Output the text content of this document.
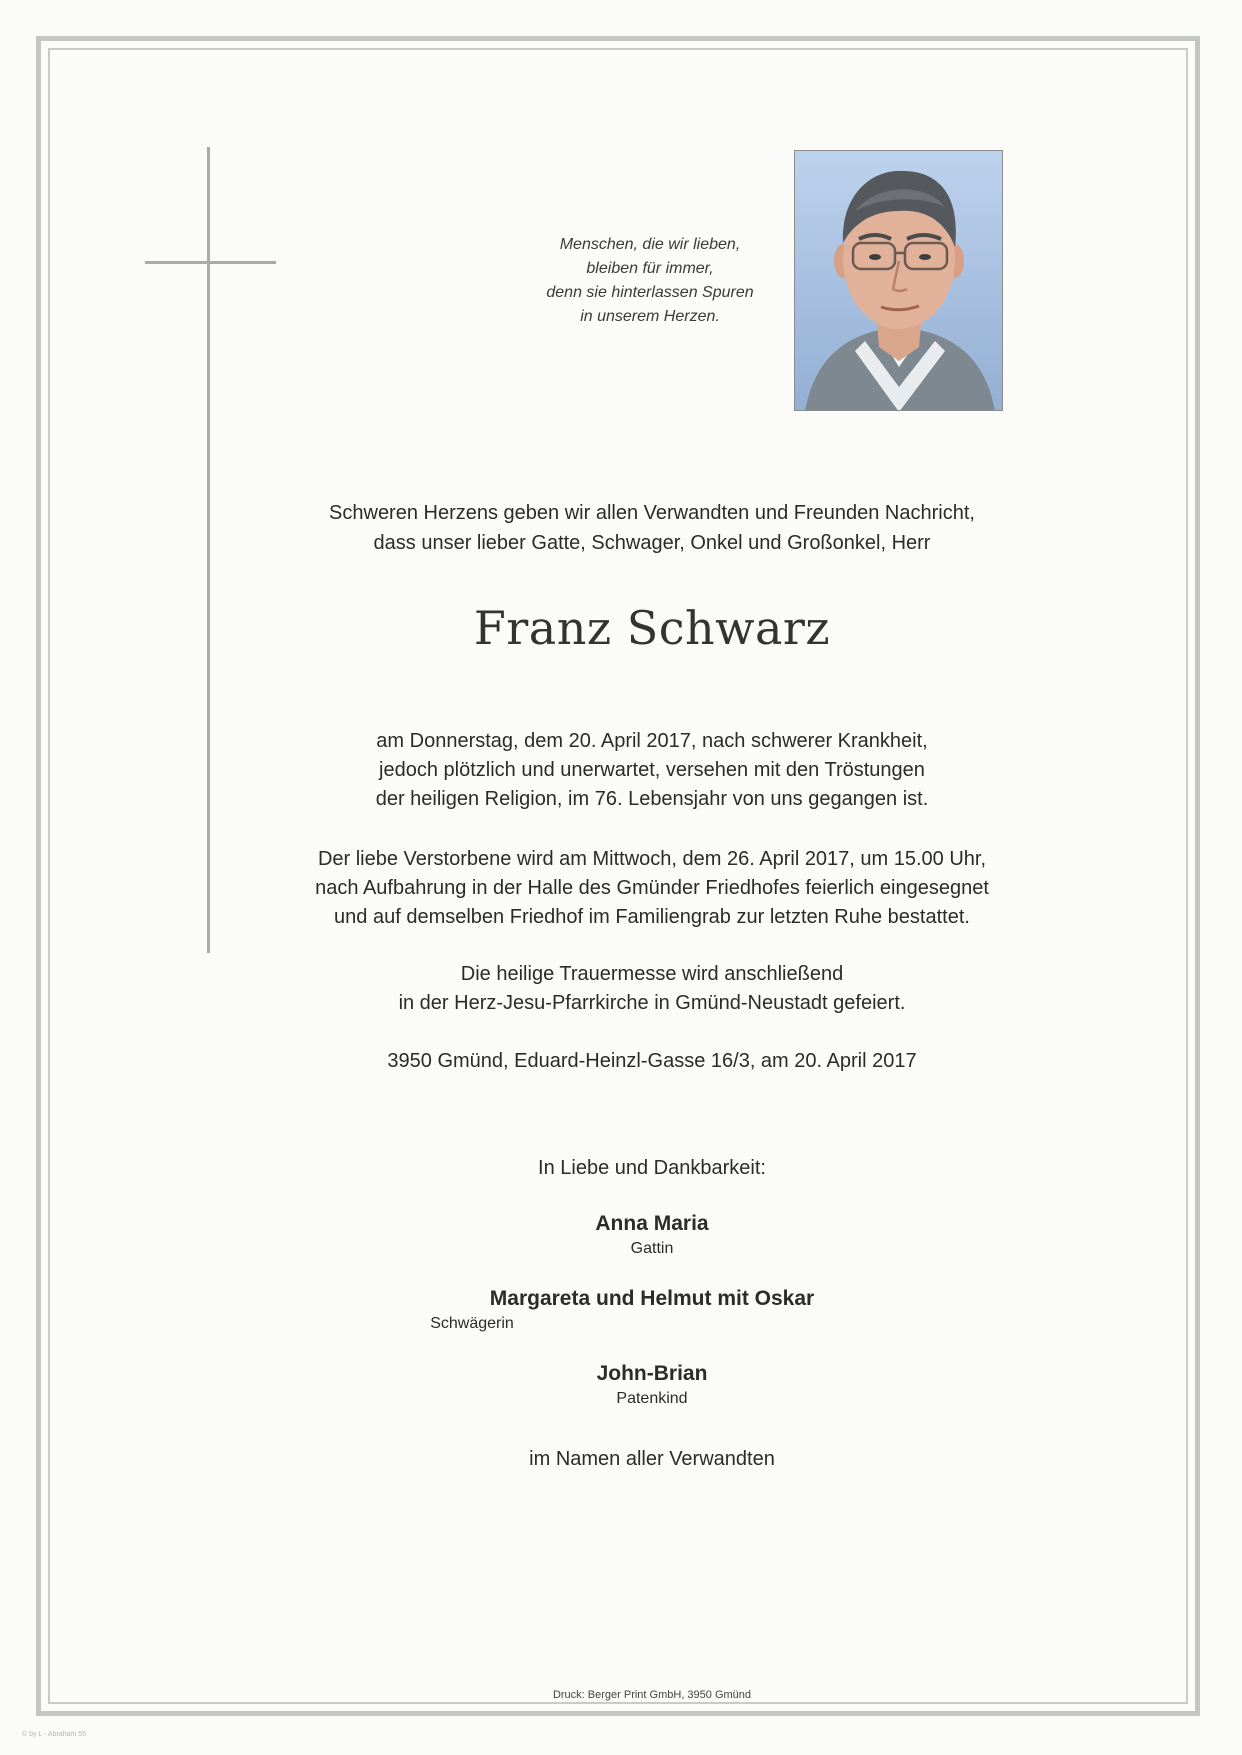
Menschen, die wir lieben,
bleiben für immer,
denn sie hinterlassen Spuren
in unserem Herzen.
Schweren Herzens geben wir allen Verwandten und Freunden Nachricht,
dass unser lieber Gatte, Schwager, Onkel und Großonkel, Herr
Franz Schwarz
am Donnerstag, dem 20. April 2017, nach schwerer Krankheit,
jedoch plötzlich und unerwartet, versehen mit den Tröstungen
der heiligen Religion, im 76. Lebensjahr von uns gegangen ist.
Der liebe Verstorbene wird am Mittwoch, dem 26. April 2017, um 15.00 Uhr,
nach Aufbahrung in der Halle des Gmünder Friedhofes feierlich eingesegnet
und auf demselben Friedhof im Familiengrab zur letzten Ruhe bestattet.
Die heilige Trauermesse wird anschließend
in der Herz-Jesu-Pfarrkirche in Gmünd-Neustadt gefeiert.
3950 Gmünd, Eduard-Heinzl-Gasse 16/3, am 20. April 2017
In Liebe und Dankbarkeit:
Anna Maria
Gattin
Margareta und Helmut mit Oskar
Schwägerin
John-Brian
Patenkind
im Namen aller Verwandten
Druck: Berger Print GmbH, 3950 Gmünd
© by L - Abraham 55
